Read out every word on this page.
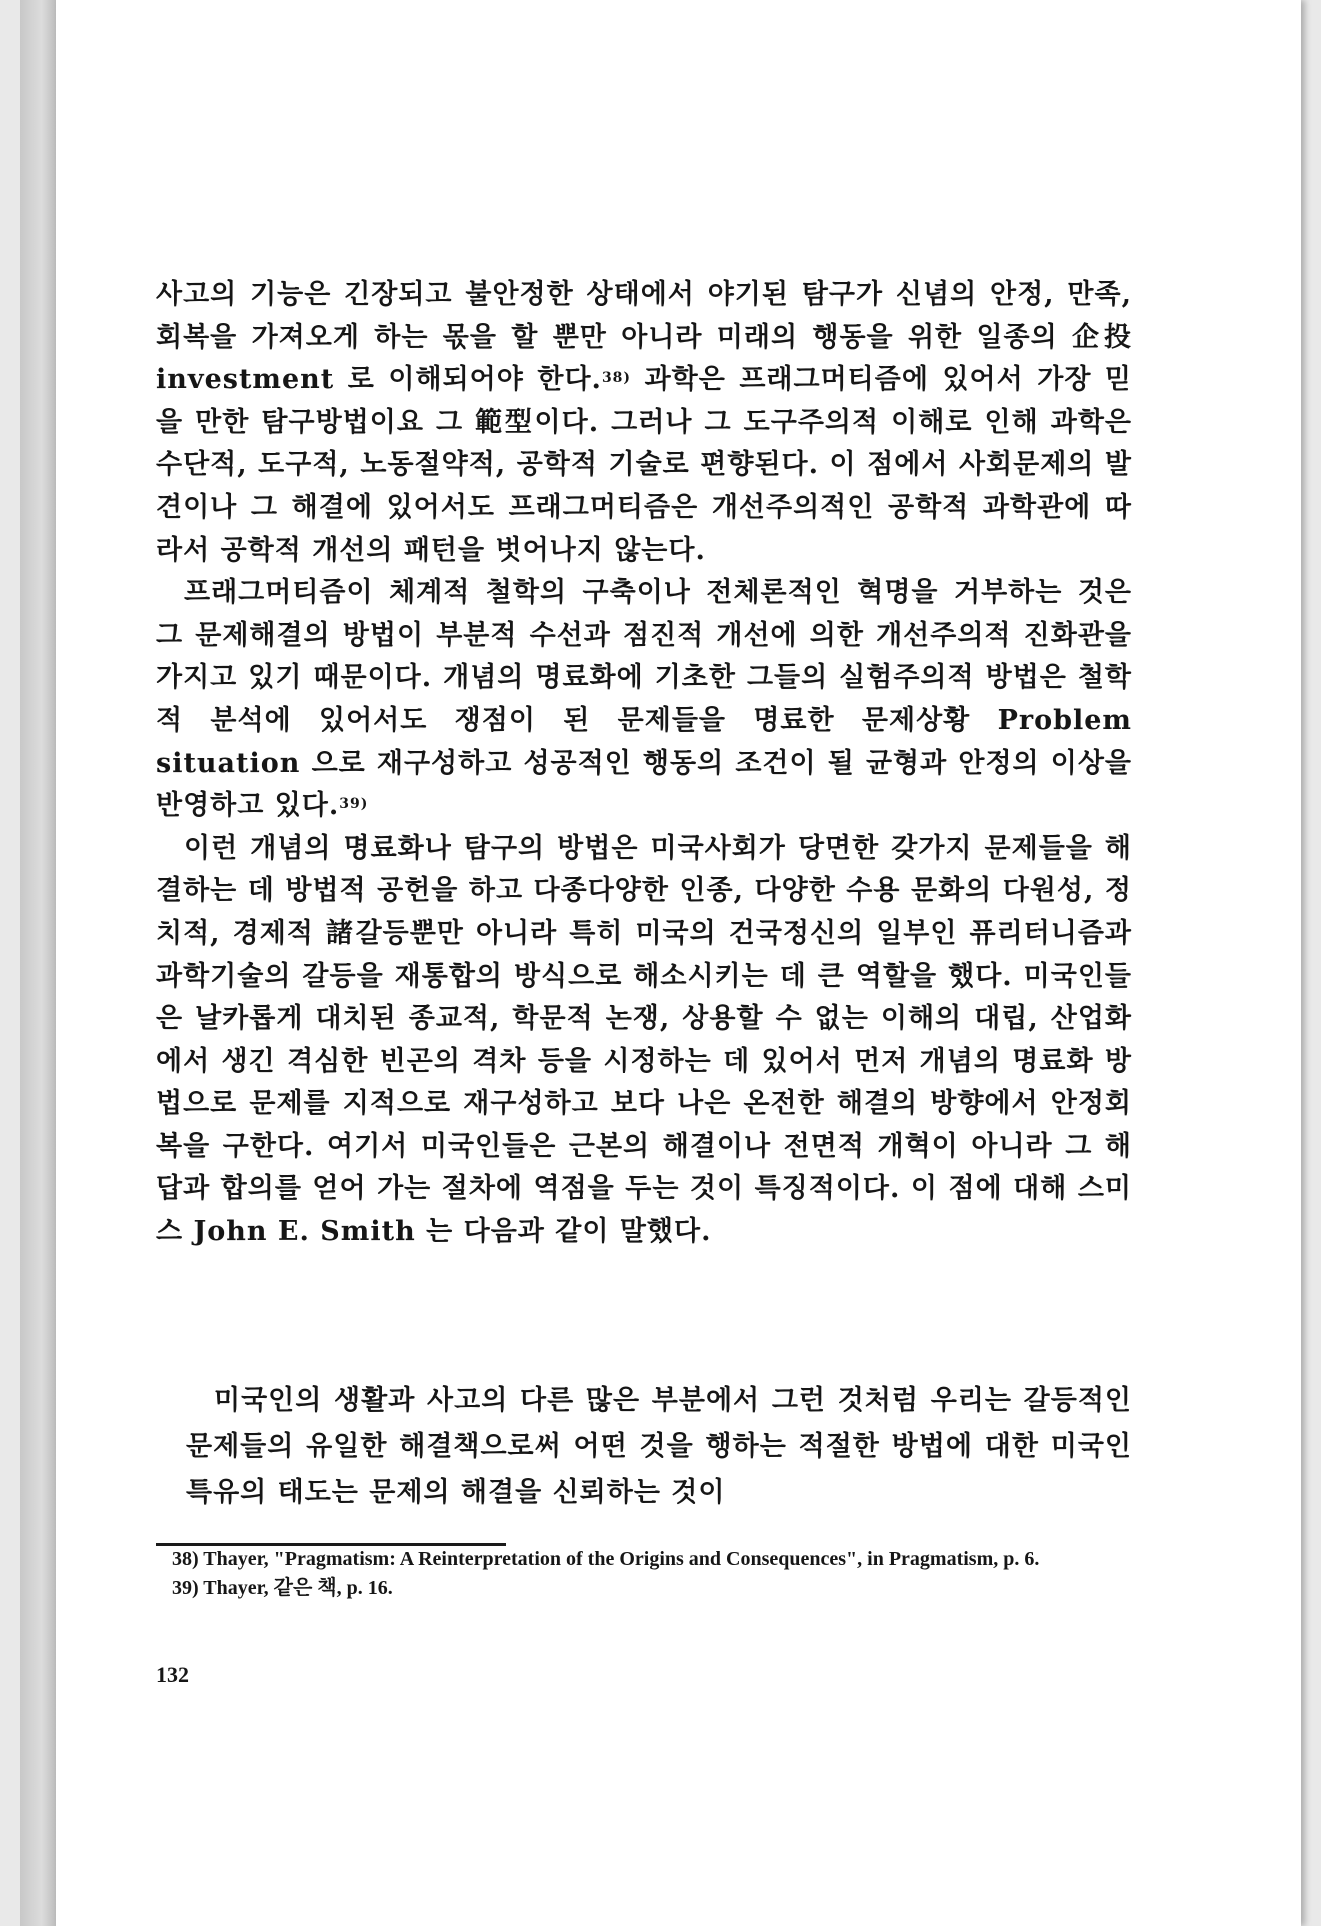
사고의 기능은 긴장되고 불안정한 상태에서 야기된 탐구가 신념의 안정, 만족, 회복을 가져오게 하는 몫을 할 뿐만 아니라 미래의 행동을 위한 일종의 企投 investment 로 이해되어야 한다.$^{38)}$ 과학은 프래그머티즘에 있어서 가장 믿을 만한 탐구방법이요 그 範型이다. 그러나 그 도구주의적 이해로 인해 과학은 수단적, 도구적, 노동절약적, 공학적 기술로 편향된다. 이 점에서 사회문제의 발견이나 그 해결에 있어서도 프래그머티즘은 개선주의적인 공학적 과학관에 따라서 공학적 개선의 패턴을 벗어나지 않는다.

프래그머티즘이 체계적 철학의 구축이나 전체론적인 혁명을 거부하는 것은 그 문제해결의 방법이 부분적 수선과 점진적 개선에 의한 개선주의적 진화관을 가지고 있기 때문이다. 개념의 명료화에 기초한 그들의 실험주의적 방법은 철학적 분석에 있어서도 쟁점이 된 문제들을 명료한 문제상황 Problem situation 으로 재구성하고 성공적인 행동의 조건이 될 균형과 안정의 이상을 반영하고 있다.$^{39)}$

이런 개념의 명료화나 탐구의 방법은 미국사회가 당면한 갖가지 문제들을 해결하는 데 방법적 공헌을 하고 다종다양한 인종, 다양한 수용 문화의 다원성, 정치적, 경제적 諸갈등뿐만 아니라 특히 미국의 건국정신의 일부인 퓨리터니즘과 과학기술의 갈등을 재통합의 방식으로 해소시키는 데 큰 역할을 했다. 미국인들은 날카롭게 대치된 종교적, 학문적 논쟁, 상용할 수 없는 이해의 대립, 산업화에서 생긴 격심한 빈곤의 격차 등을 시정하는 데 있어서 먼저 개념의 명료화 방법으로 문제를 지적으로 재구성하고 보다 나은 온전한 해결의 방향에서 안정회복을 구한다. 여기서 미국인들은 근본의 해결이나 전면적 개혁이 아니라 그 해답과 합의를 얻어 가는 절차에 역점을 두는 것이 특징적이다. 이 점에 대해 스미스 John E. Smith 는 다음과 같이 말했다.

미국인의 생활과 사고의 다른 많은 부분에서 그런 것처럼 우리는 갈등적인 문제들의 유일한 해결책으로써 어떤 것을 행하는 적절한 방법에 대한 미국인 특유의 태도는 문제의 해결을 신뢰하는 것이
38) Thayer, "Pragmatism: A Reinterpretation of the Origins and Consequences", in Pragmatism, p. 6.
39) Thayer, 같은 책, p. 16.
132
